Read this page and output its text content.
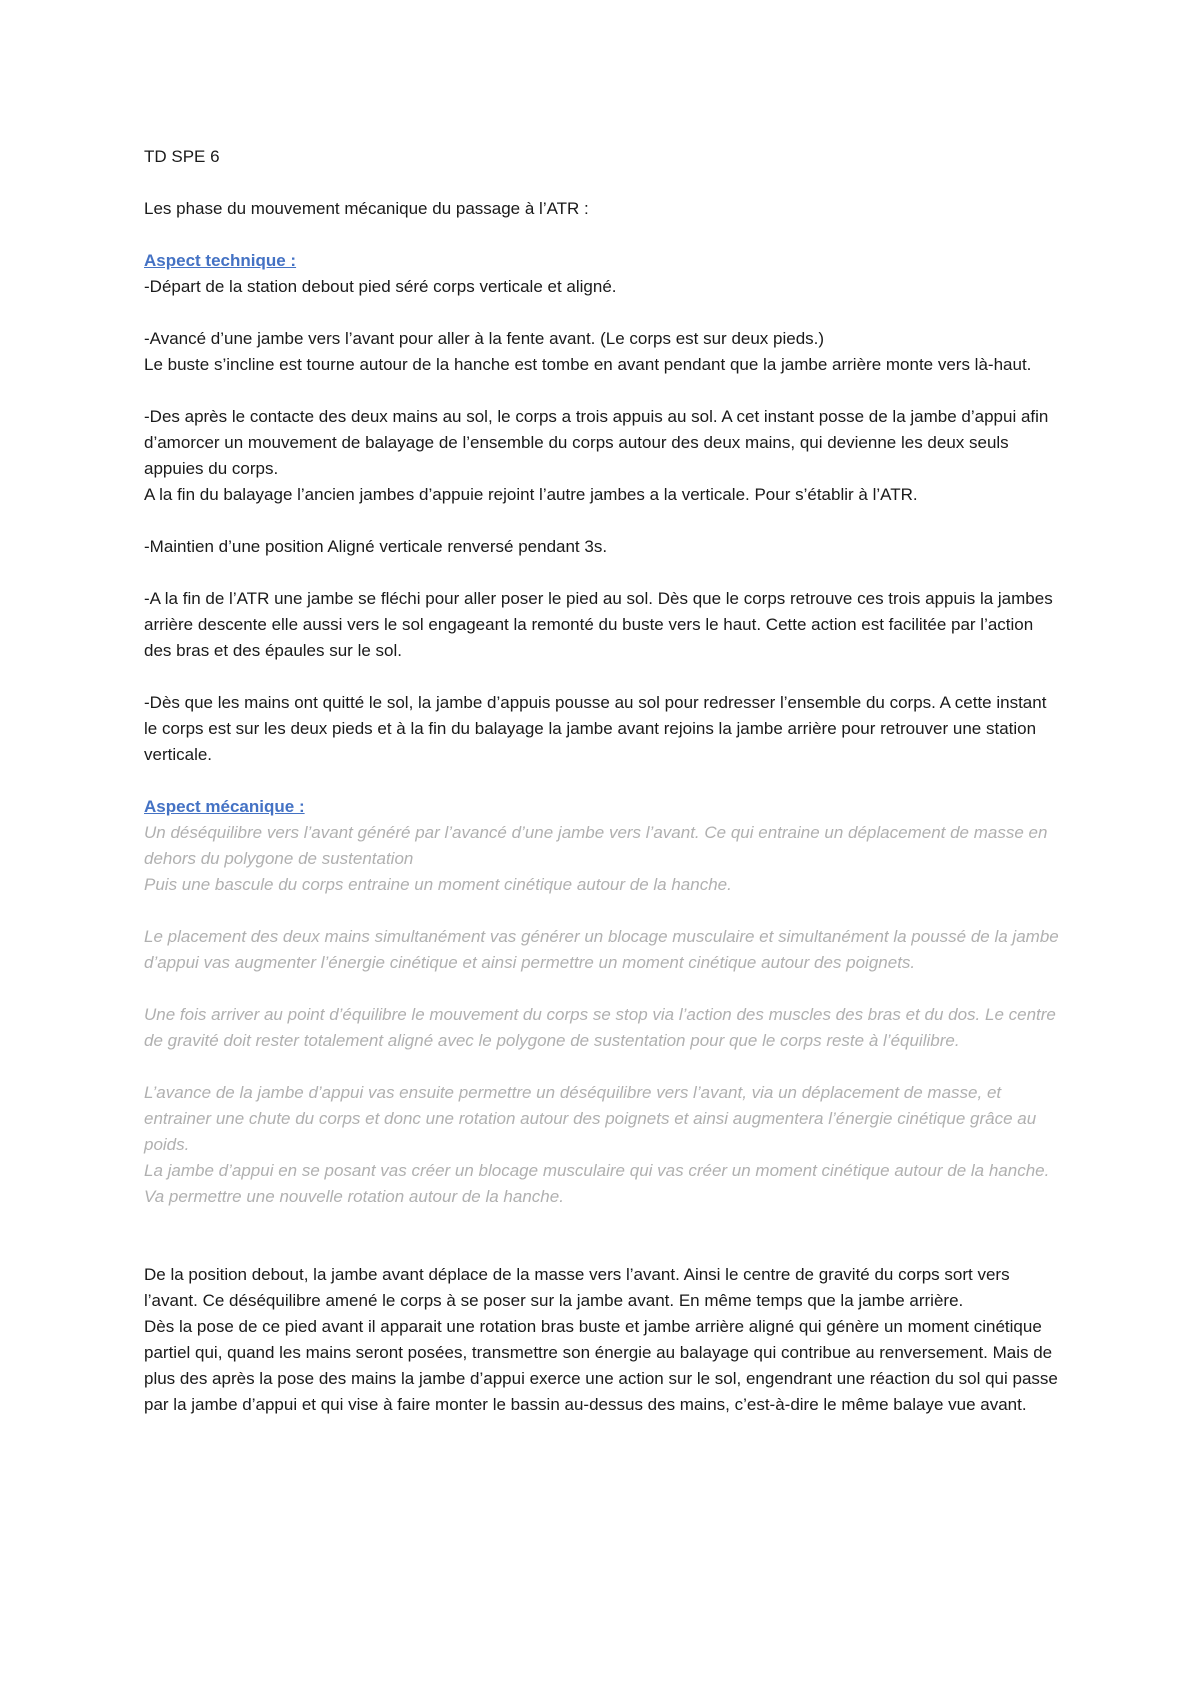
TD SPE 6

Les phase du mouvement mécanique du passage à l’ATR :

Aspect technique :

-Départ de la station debout pied séré corps verticale et aligné.

-Avancé d’une jambe vers l’avant pour aller à la fente avant. (Le corps est sur deux pieds.)

Le buste s’incline est tourne autour de la hanche est tombe en avant pendant que la jambe arrière monte vers là-haut.

-Des après le contacte des deux mains au sol, le corps a trois appuis au sol. A cet instant posse de la jambe d’appui afin d’amorcer un mouvement de balayage de l’ensemble du corps autour des deux mains, qui devienne les deux seuls appuies du corps.

A la fin du balayage l’ancien jambes d’appuie rejoint l’autre jambes a la verticale. Pour s’établir à l’ATR.

-Maintien d’une position Aligné verticale renversé pendant 3s.

-A la fin de l’ATR une jambe se fléchi pour aller poser le pied au sol. Dès que le corps retrouve ces trois appuis la jambes arrière descente elle aussi vers le sol engageant la remonté du buste vers le haut. Cette action est facilitée par l’action des bras et des épaules sur le sol.

-Dès que les mains ont quitté le sol, la jambe d’appuis pousse au sol pour redresser l’ensemble du corps. A cette instant le corps est sur les deux pieds et à la fin du balayage la jambe avant rejoins la jambe arrière pour retrouver une station verticale.

Aspect mécanique :

Un déséquilibre vers l’avant généré par l’avancé d’une jambe vers l’avant. Ce qui entraine un déplacement de masse en dehors du polygone de sustentation

Puis une bascule du corps entraine un moment cinétique autour de la hanche.

Le placement des deux mains simultanément vas générer un blocage musculaire et simultanément la poussé de la jambe d’appui vas augmenter l’énergie cinétique et ainsi permettre un moment cinétique autour des poignets.

Une fois arriver au point d’équilibre le mouvement du corps se stop via l’action des muscles des bras et du dos. Le centre de gravité doit rester totalement aligné avec le polygone de sustentation pour que le corps reste à l’équilibre.

L’avance de la jambe d’appui vas ensuite permettre un déséquilibre vers l’avant, via un déplacement de masse, et entrainer une chute du corps et donc une rotation autour des poignets et ainsi augmentera l’énergie cinétique grâce au poids.

La jambe d’appui en se posant vas créer un blocage musculaire qui vas créer un moment cinétique autour de la hanche. Va permettre une nouvelle rotation autour de la hanche.

De la position debout, la jambe avant déplace de la masse vers l’avant. Ainsi le centre de gravité du corps sort vers l’avant. Ce déséquilibre amené le corps à se poser sur la jambe avant. En même temps que la jambe arrière.

Dès la pose de ce pied avant il apparait une rotation bras buste et jambe arrière aligné qui génère un moment cinétique partiel qui, quand les mains seront posées, transmettre son énergie au balayage qui contribue au renversement. Mais de plus des après la pose des mains la jambe d’appui exerce une action sur le sol, engendrant une réaction du sol qui passe par la jambe d’appui et qui vise à faire monter le bassin au-dessus des mains, c’est-à-dire le même balaye vue avant.
